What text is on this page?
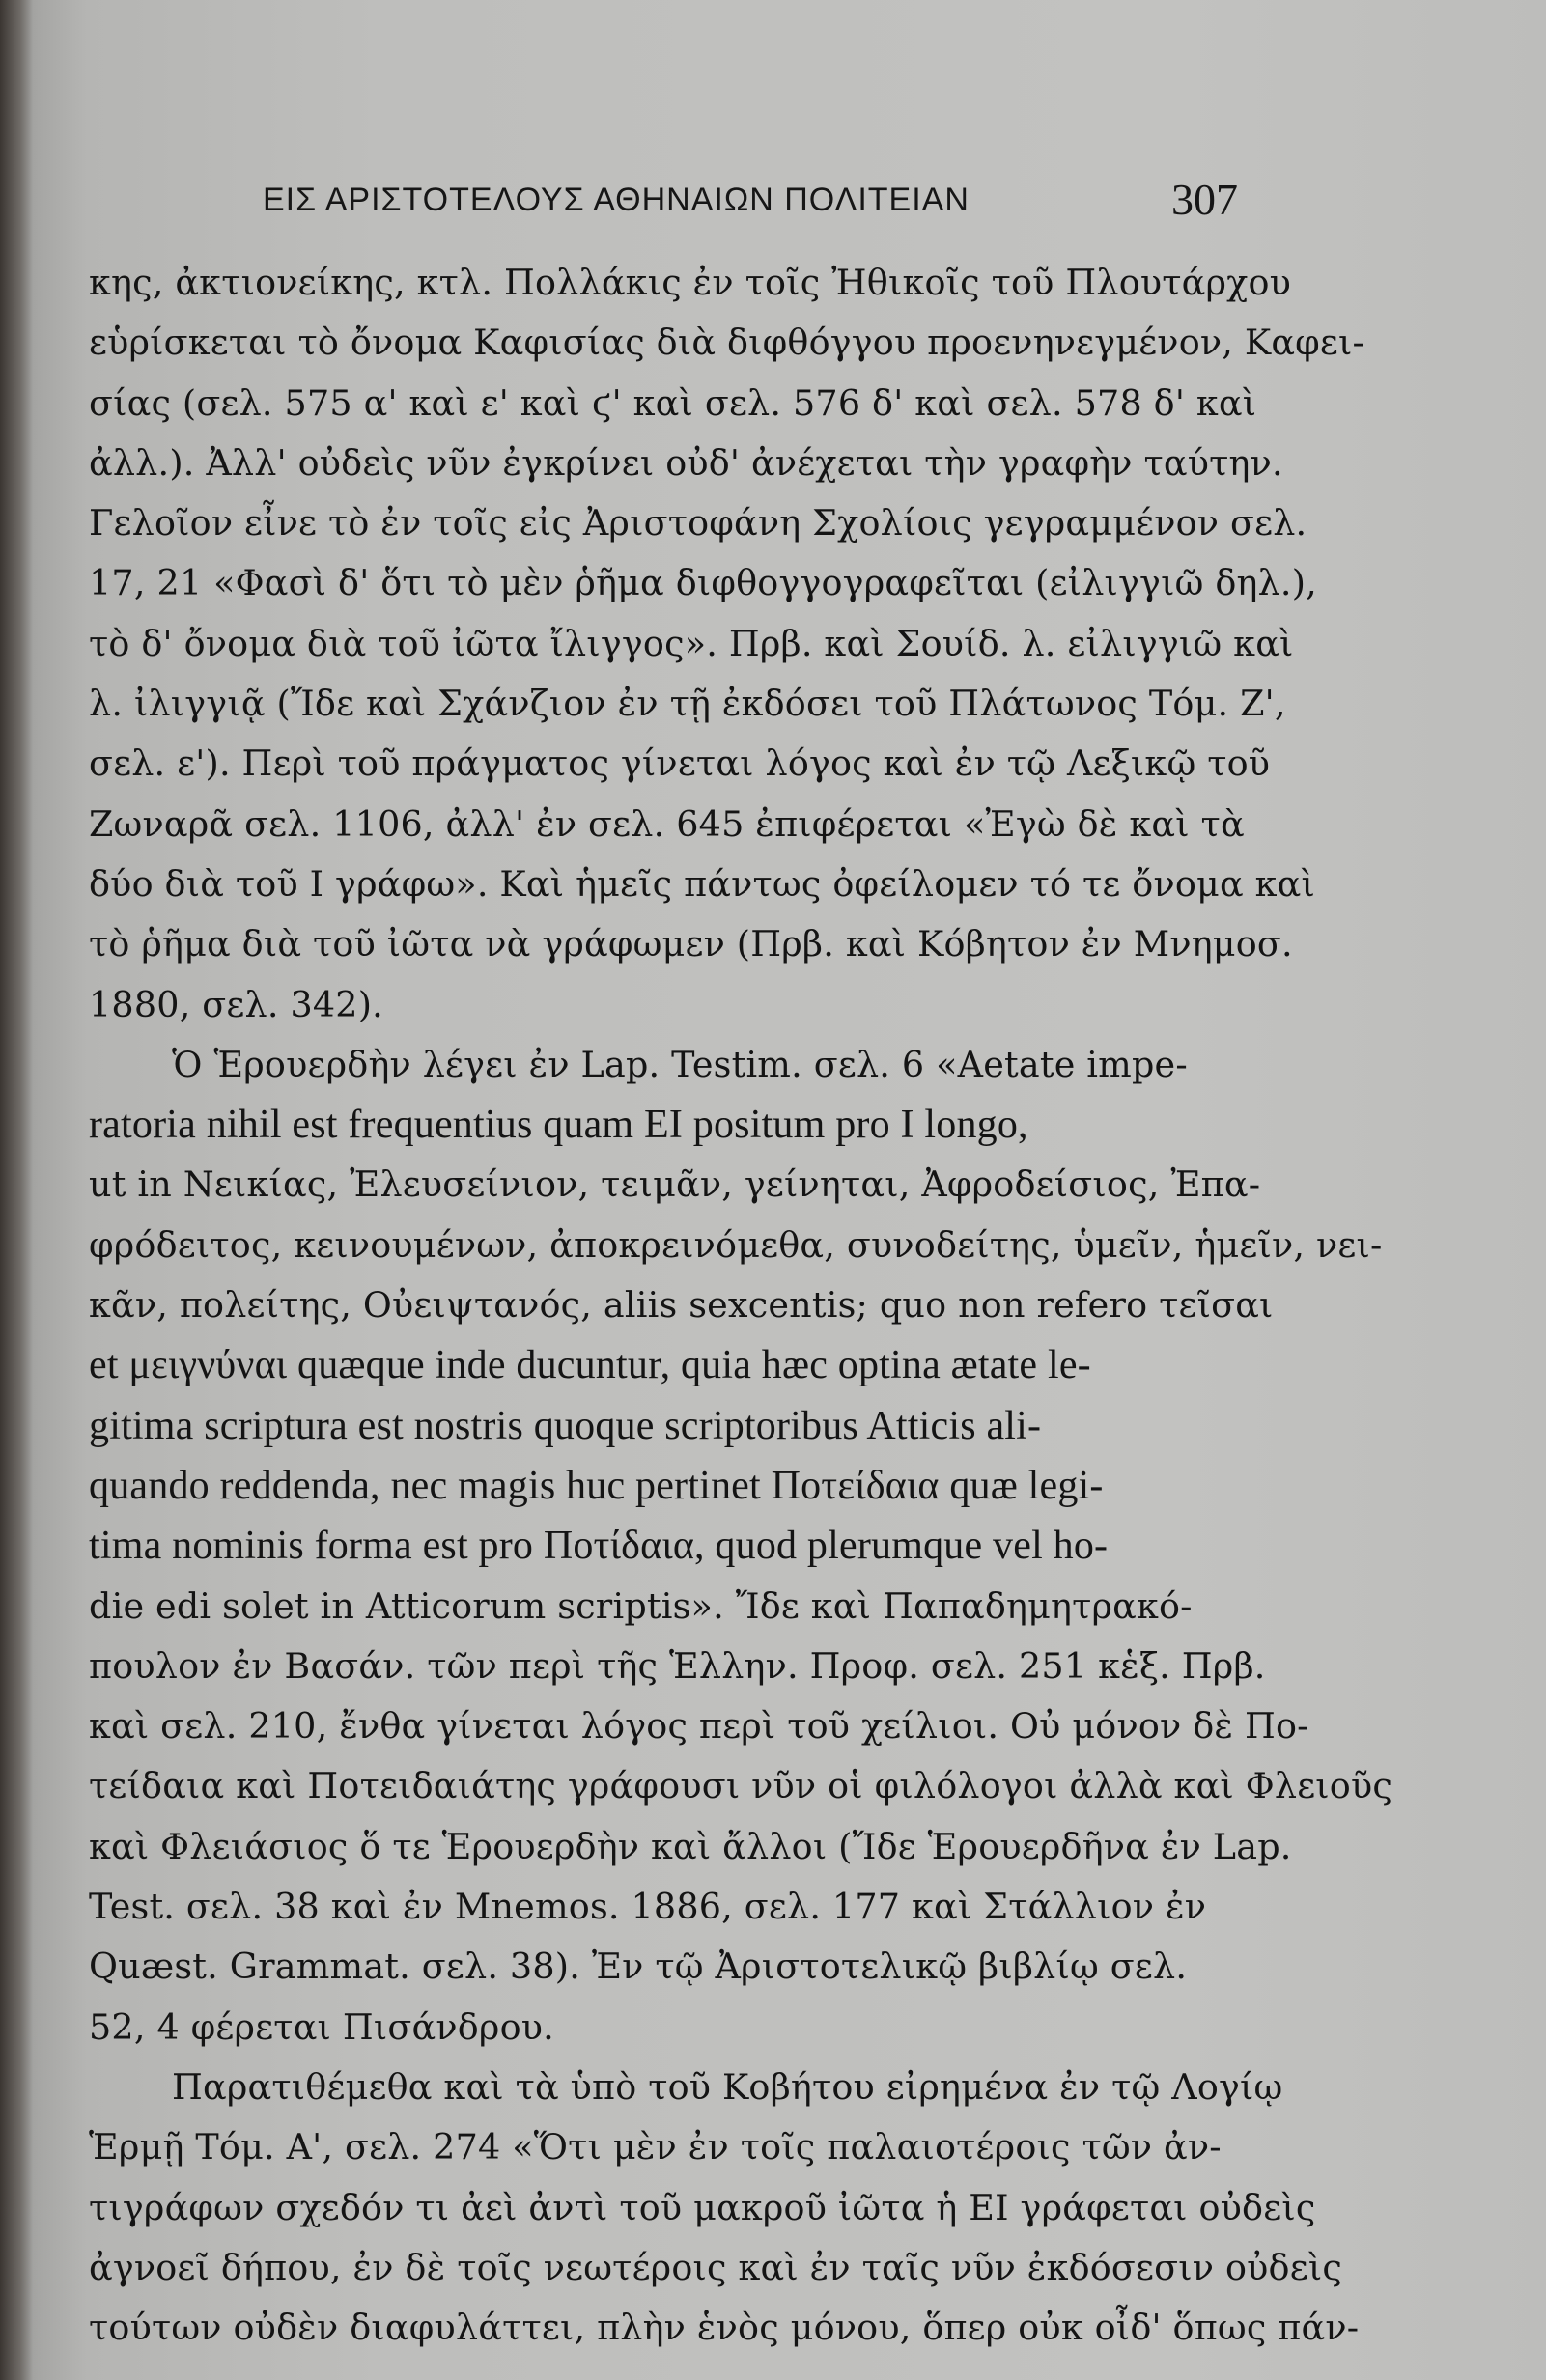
ΕΙΣ ΑΡΙΣΤΟΤΕΛΟΥΣ ΑΘΗΝΑΙΩΝ ΠΟΛΙΤΕΙΑΝ	307
κης, ἀκτιονείκης, κτλ. Πολλάκις ἐν τοῖς Ἠθικοῖς τοῦ Πλουτάρχου
εὑρίσκεται τὸ ὄνομα Καφισίας διὰ διφθόγγου προενηνεγμένον, Καφει-
σίας (σελ. 575 α' καὶ ε' καὶ ϛ' καὶ σελ. 576 δ' καὶ σελ. 578 δ' καὶ
ἀλλ.). Ἀλλ' οὐδεὶς νῦν ἐγκρίνει οὐδ' ἀνέχεται τὴν γραφὴν ταύτην.
Γελοῖον εἶνε τὸ ἐν τοῖς εἰς Ἀριστοφάνη Σχολίοις γεγραμμένον σελ.
17, 21 «Φασὶ δ' ὅτι τὸ μὲν ῥῆμα διφθογγογραφεῖται (εἰλιγγιῶ δηλ.),
τὸ δ' ὄνομα διὰ τοῦ ἰῶτα ἴλιγγος». Πρβ. καὶ Σουίδ. λ. εἰλιγγιῶ καὶ
λ. ἰλιγγιᾷ (Ἴδε καὶ Σχάνζιον ἐν τῇ ἐκδόσει τοῦ Πλάτωνος Τόμ. Ζ',
σελ. ε'). Περὶ τοῦ πράγματος γίνεται λόγος καὶ ἐν τῷ Λεξικῷ τοῦ
Ζωναρᾶ σελ. 1106, ἀλλ' ἐν σελ. 645 ἐπιφέρεται «Ἐγὼ δὲ καὶ τὰ
δύο διὰ τοῦ Ι γράφω». Καὶ ἡμεῖς πάντως ὀφείλομεν τό τε ὄνομα καὶ
τὸ ῥῆμα διὰ τοῦ ἰῶτα νὰ γράφωμεν (Πρβ. καὶ Κόβητον ἐν Μνημοσ.
1880, σελ. 342).
Ὁ Ἑρουερδὴν λέγει ἐν Lap. Testim. σελ. 6 «Aetate impe-
ratoria nihil est frequentius quam EI positum pro I longo,
ut in Νεικίας, Ἐλευσείνιον, τειμᾶν, γείνηται, Ἀφροδείσιος, Ἐπα-
φρόδειτος, κεινουμένων, ἀποκρεινόμεθα, συνοδείτης, ὑμεῖν, ἡμεῖν, νει-
κᾶν, πολείτης, Οὐειψτανός, aliis sexcentis; quo non refero τεῖσαι
et μειγνύναι quæque inde ducuntur, quia hæc optina ætate le-
gitima scriptura est nostris quoque scriptoribus Atticis ali-
quando reddenda, nec magis huc pertinet Ποτείδαια quæ legi-
tima nominis forma est pro Ποτίδαια, quod plerumque vel ho-
die edi solet in Atticorum scriptis». Ἴδε καὶ Παπαδημητρακό-
πουλον ἐν Βασάν. τῶν περὶ τῆς Ἑλλην. Προφ. σελ. 251 κἑξ. Πρβ.
καὶ σελ. 210, ἔνθα γίνεται λόγος περὶ τοῦ χείλιοι. Οὐ μόνον δὲ Πο-
τείδαια καὶ Ποτειδαιάτης γράφουσι νῦν οἱ φιλόλογοι ἀλλὰ καὶ Φλειοῦς
καὶ Φλειάσιος ὅ τε Ἑρουερδὴν καὶ ἄλλοι (Ἴδε Ἑρουερδῆνα ἐν Lap.
Test. σελ. 38 καὶ ἐν Mnemos. 1886, σελ. 177 καὶ Στάλλιον ἐν
Quæst. Grammat. σελ. 38). Ἐν τῷ Ἀριστοτελικῷ βιβλίῳ σελ.
52, 4 φέρεται Πισάνδρου.
Παρατιθέμεθα καὶ τὰ ὑπὸ τοῦ Κοβήτου εἰρημένα ἐν τῷ Λογίῳ
Ἑρμῇ Τόμ. Α', σελ. 274 «Ὅτι μὲν ἐν τοῖς παλαιοτέροις τῶν ἀν-
τιγράφων σχεδόν τι ἀεὶ ἀντὶ τοῦ μακροῦ ἰῶτα ἡ ΕΙ γράφεται οὐδεὶς
ἀγνοεῖ δήπου, ἐν δὲ τοῖς νεωτέροις καὶ ἐν ταῖς νῦν ἐκδόσεσιν οὐδεὶς
τούτων οὐδὲν διαφυλάττει, πλὴν ἑνὸς μόνου, ὅπερ οὐκ οἶδ' ὅπως πάν-
